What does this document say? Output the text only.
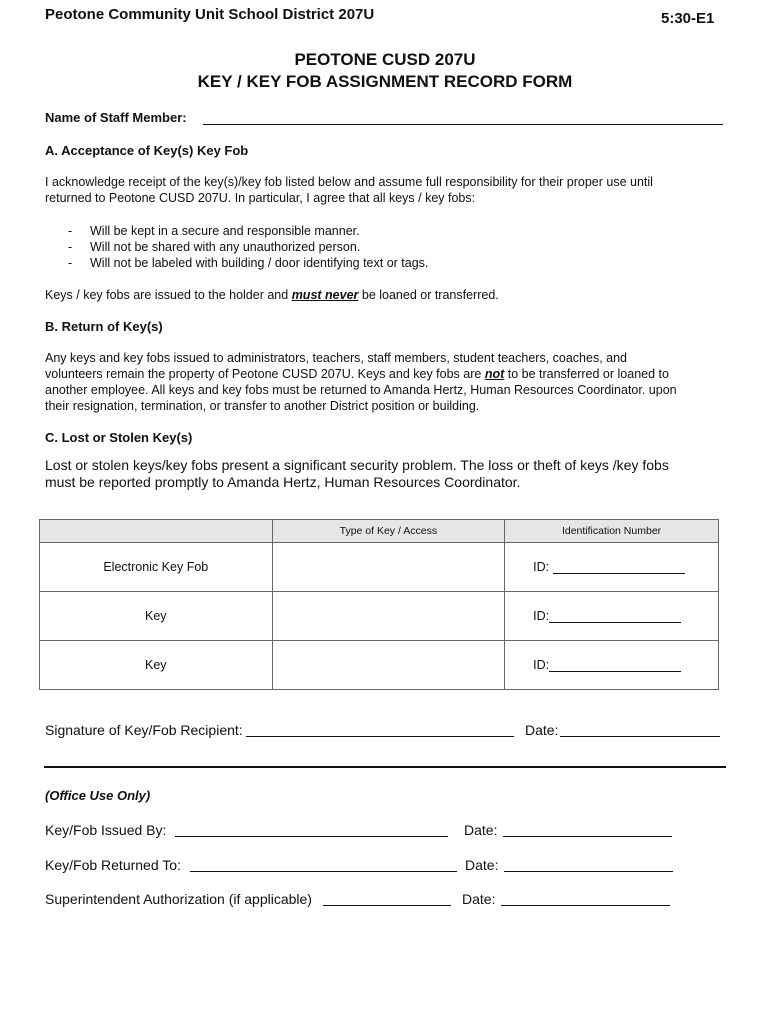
Peotone Community Unit School District 207U	5:30-E1
PEOTONE CUSD 207U
KEY / KEY FOB ASSIGNMENT RECORD FORM
Name of Staff Member:
A. Acceptance of Key(s) Key Fob
I acknowledge receipt of the key(s)/key fob listed below and assume full responsibility for their proper use until
returned to Peotone CUSD 207U. In particular, I agree that all keys / key fobs:
- Will be kept in a secure and responsible manner.
- Will not be shared with any unauthorized person.
- Will not be labeled with building / door identifying text or tags.
Keys / key fobs are issued to the holder and must never be loaned or transferred.
B. Return of Key(s)
Any keys and key fobs issued to administrators, teachers, staff members, student teachers, coaches, and
volunteers remain the property of Peotone CUSD 207U. Keys and key fobs are not to be transferred or loaned to
another employee. All keys and key fobs must be returned to Amanda Hertz, Human Resources Coordinator. upon
their resignation, termination, or transfer to another District position or building.
C. Lost or Stolen Key(s)
Lost or stolen keys/key fobs present a significant security problem. The loss or theft of keys /key fobs
must be reported promptly to Amanda Hertz, Human Resources Coordinator.
	Type of Key / Access	Identification Number
Electronic Key Fob		ID:
Key		ID:
Key		ID:
Signature of Key/Fob Recipient:	Date:
(Office Use Only)
Key/Fob Issued By:	Date:
Key/Fob Returned To:	Date:
Superintendent Authorization (if applicable)	Date:
